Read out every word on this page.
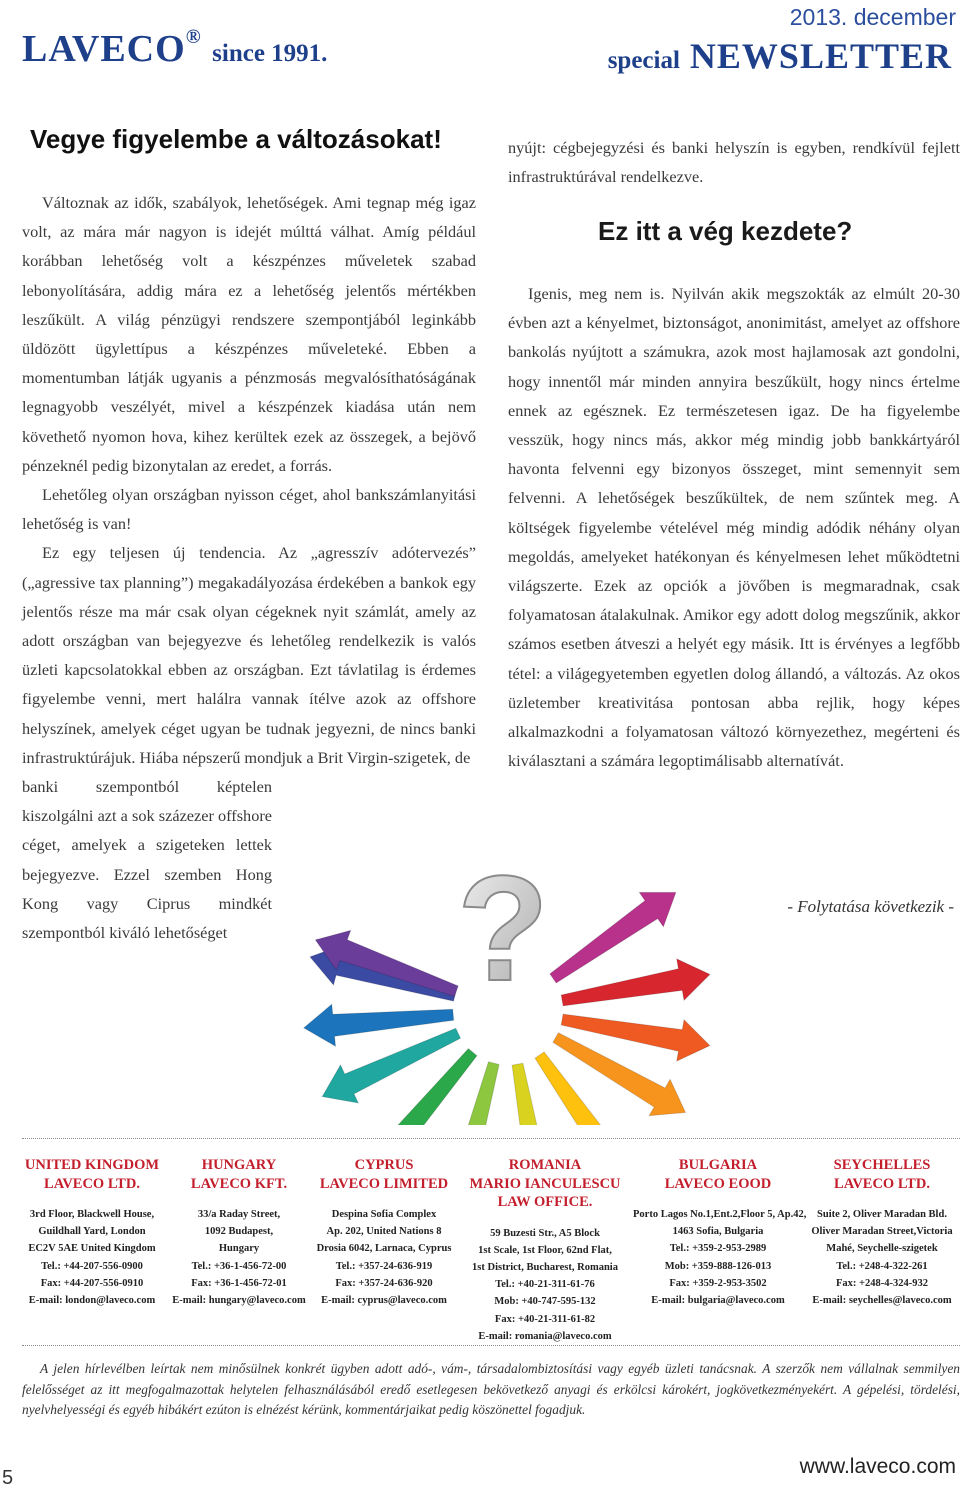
LAVECO® since 1991.
2013. december
special NEWSLETTER
Vegye figyelembe a változásokat!

Változnak az idők, szabályok, lehetőségek. Ami tegnap még igaz volt, az mára már nagyon is idejét múlttá válhat. Amíg például korábban lehetőség volt a készpénzes műveletek szabad lebonyolítására, addig mára ez a lehetőség jelentős mértékben leszűkült. A világ pénzügyi rendszere szempontjából leginkább üldözött ügylettípus a készpénzes műveleteké. Ebben a momentumban látják ugyanis a pénzmosás megvalósíthatóságának legnagyobb veszélyét, mivel a készpénzek kiadása után nem követhető nyomon hova, kihez kerültek ezek az összegek, a bejövő pénzeknél pedig bizonytalan az eredet, a forrás.

Lehetőleg olyan országban nyisson céget, ahol bankszámlanyitási lehetőség is van!

Ez egy teljesen új tendencia. Az „agresszív adótervezés” („agressive tax planning”) megakadályozása érdekében a bankok egy jelentős része ma már csak olyan cégeknek nyit számlát, amely az adott országban van bejegyezve és lehetőleg rendelkezik is valós üzleti kapcsolatokkal ebben az országban. Ezt távlatilag is érdemes figyelembe venni, mert halálra vannak ítélve azok az offshore helyszínek, amelyek céget ugyan be tudnak jegyezni, de nincs banki infrastruktúrájuk. Hiába népszerű mondjuk a Brit Virgin-szigetek, de

banki szempontból képtelen kiszolgálni azt a sok százezer offshore céget, amelyek a szigeteken lettek bejegyezve. Ezzel szemben Hong Kong vagy Ciprus mindkét szempontból kiváló lehetőséget

nyújt: cégbejegyzési és banki helyszín is egyben, rendkívül fejlett infrastruktúrával rendelkezve.

Ez itt a vég kezdete?

Igenis, meg nem is. Nyilván akik megszokták az elmúlt 20-30 évben azt a kényelmet, biztonságot, anonimitást, amelyet az offshore bankolás nyújtott a számukra, azok most hajlamosak azt gondolni, hogy innentől már minden annyira beszűkült, hogy nincs értelme ennek az egésznek. Ez természetesen igaz. De ha figyelembe vesszük, hogy nincs más, akkor még mindig jobb bankkártyáról havonta felvenni egy bizonyos összeget, mint semennyit sem felvenni. A lehetőségek beszűkültek, de nem szűntek meg. A költségek figyelembe vételével még mindig adódik néhány olyan megoldás, amelyeket hatékonyan és kényelmesen lehet működtetni világszerte. Ezek az opciók a jövőben is megmaradnak, csak folyamatosan átalakulnak. Amikor egy adott dolog megszűnik, akkor számos esetben átveszi a helyét egy másik. Itt is érvényes a legfőbb tétel: a világegyetemben egyetlen dolog állandó, a változás. Az okos üzletember kreativitása pontosan abba rejlik, hogy képes alkalmazkodni a folyamatosan változó környezethez, megérteni és kiválasztani a számára legoptimálisabb alternatívát.

- Folytatása következik -
?
UNITED KINGDOM
LAVECO LTD.
3rd Floor, Blackwell House,
Guildhall Yard, London
EC2V 5AE United Kingdom
Tel.: +44-207-556-0900
Fax: +44-207-556-0910
E-mail: london@laveco.com
HUNGARY
LAVECO KFT.
33/a Raday Street,
1092 Budapest,
Hungary
Tel.: +36-1-456-72-00
Fax: +36-1-456-72-01
E-mail: hungary@laveco.com
CYPRUS
LAVECO LIMITED
Despina Sofia Complex
Ap. 202, United Nations 8
Drosia 6042, Larnaca, Cyprus
Tel.: +357-24-636-919
Fax: +357-24-636-920
E-mail: cyprus@laveco.com
ROMANIA
MARIO IANCULESCU LAW OFFICE.
59 Buzesti Str., A5 Block
1st Scale, 1st Floor, 62nd Flat,
1st District, Bucharest, Romania
Tel.: +40-21-311-61-76
Mob: +40-747-595-132
Fax: +40-21-311-61-82
E-mail: romania@laveco.com
BULGARIA
LAVECO EOOD
Porto Lagos No.1,Ent.2,Floor 5, Ap.42,
1463 Sofia, Bulgaria
Tel.: +359-2-953-2989
Mob: +359-888-126-013
Fax: +359-2-953-3502
E-mail: bulgaria@laveco.com
SEYCHELLES
LAVECO LTD.
Suite 2, Oliver Maradan Bld.
Oliver Maradan Street,Victoria
Mahé, Seychelle-szigetek
Tel.: +248-4-322-261
Fax: +248-4-324-932
E-mail: seychelles@laveco.com
A jelen hírlevélben leírtak nem minősülnek konkrét ügyben adott adó-, vám-, társadalombiztosítási vagy egyéb üzleti tanácsnak. A szerzők nem vállalnak semmilyen felelősséget az itt megfogalmazottak helytelen felhasználásából eredő esetlegesen bekövetkező anyagi és erkölcsi károkért, jogkövetkezményekért. A gépelési, tördelési, nyelvhelyességi és egyéb hibákért ezúton is elnézést kérünk, kommentárjaikat pedig köszönettel fogadjuk.
5	www.laveco.com
